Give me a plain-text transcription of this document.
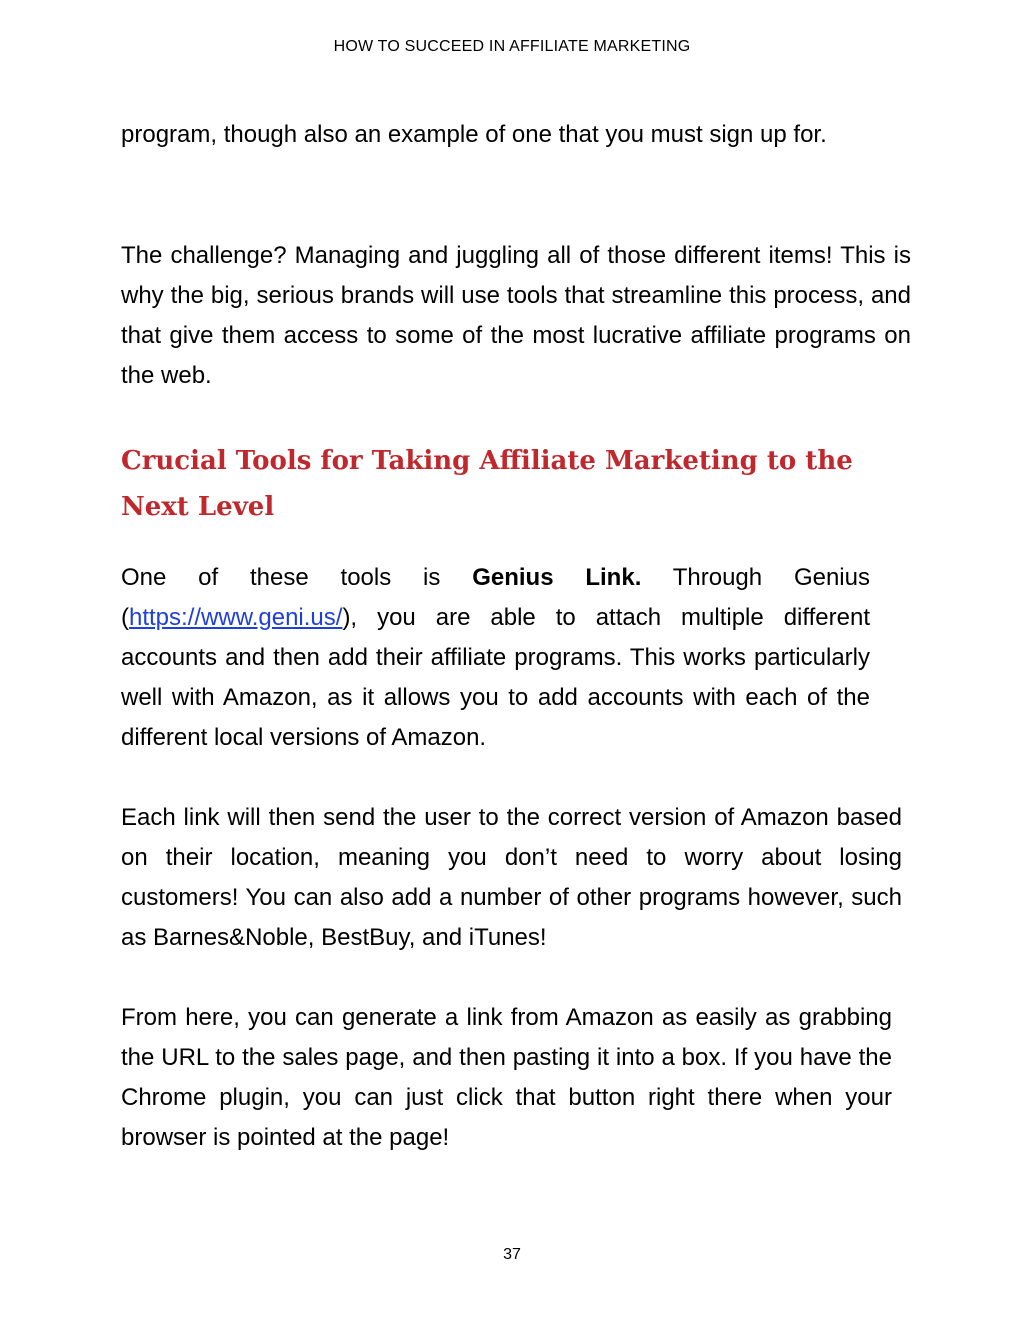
HOW TO SUCCEED IN AFFILIATE MARKETING

program, though also an example of one that you must sign up for.

The challenge? Managing and juggling all of those different items! This is why the big, serious brands will use tools that streamline this process, and that give them access to some of the most lucrative affiliate programs on the web.

Crucial Tools for Taking Affiliate Marketing to the Next Level

One of these tools is Genius Link. Through Genius (https://www.geni.us/), you are able to attach multiple different accounts and then add their affiliate programs. This works particularly well with Amazon, as it allows you to add accounts with each of the different local versions of Amazon.

Each link will then send the user to the correct version of Amazon based on their location, meaning you don’t need to worry about losing customers! You can also add a number of other programs however, such as Barnes&Noble, BestBuy, and iTunes!

From here, you can generate a link from Amazon as easily as grabbing the URL to the sales page, and then pasting it into a box. If you have the Chrome plugin, you can just click that button right there when your browser is pointed at the page!

37
